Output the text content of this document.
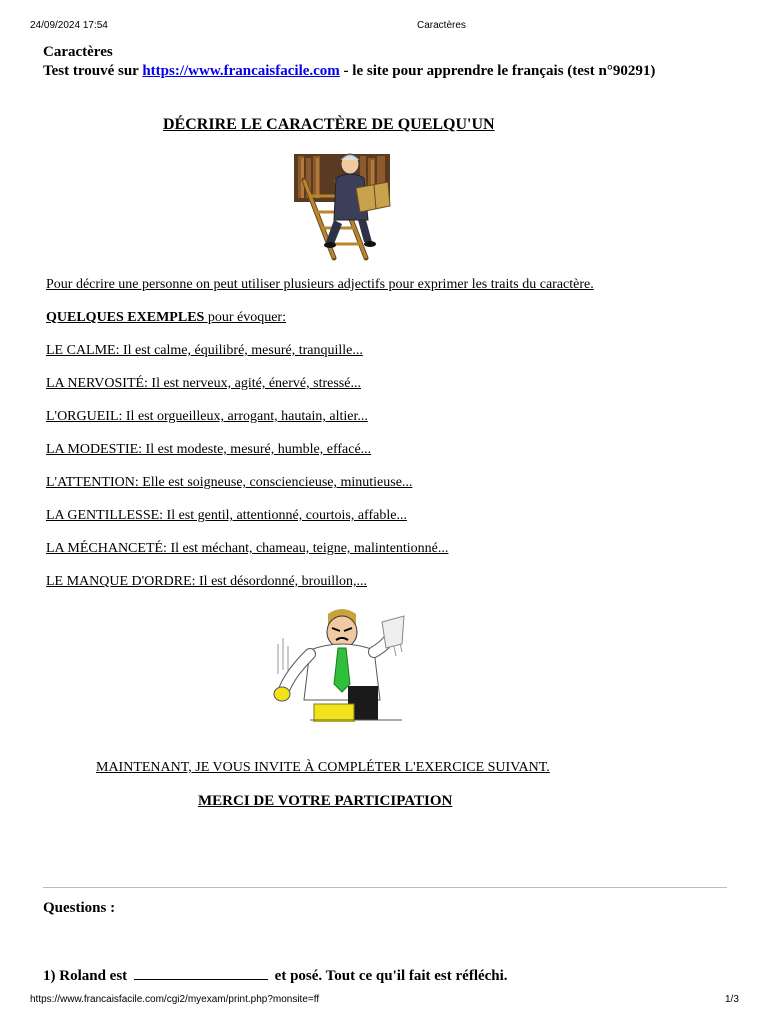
24/09/2024 17:54	Caractères
Caractères
Test trouvé sur https://www.francaisfacile.com - le site pour apprendre le français (test n°90291)
DÉCRIRE LE CARACTÈRE DE QUELQU'UN
Pour décrire une personne on peut utiliser plusieurs adjectifs pour exprimer les traits du caractère.
QUELQUES EXEMPLES pour évoquer:
LE CALME: Il est calme, équilibré, mesuré, tranquille...
LA NERVOSITÉ: Il est nerveux, agité, énervé, stressé...
L'ORGUEIL: Il est orgueilleux, arrogant, hautain, altier...
LA MODESTIE: Il est modeste, mesuré, humble, effacé...
L'ATTENTION: Elle est soigneuse, consciencieuse, minutieuse...
LA GENTILLESSE: Il est gentil, attentionné, courtois, affable...
LA MÉCHANCETÉ: Il est méchant, chameau, teigne, malintentionné...
LE MANQUE D'ORDRE: Il est désordonné, brouillon,...
MAINTENANT, JE VOUS INVITE À COMPLÉTER L'EXERCICE SUIVANT.
MERCI DE VOTRE PARTICIPATION
Questions :
1) Roland est	et posé. Tout ce qu'il fait est réfléchi.
https://www.francaisfacile.com/cgi2/myexam/print.php?monsite=ff	1/3
